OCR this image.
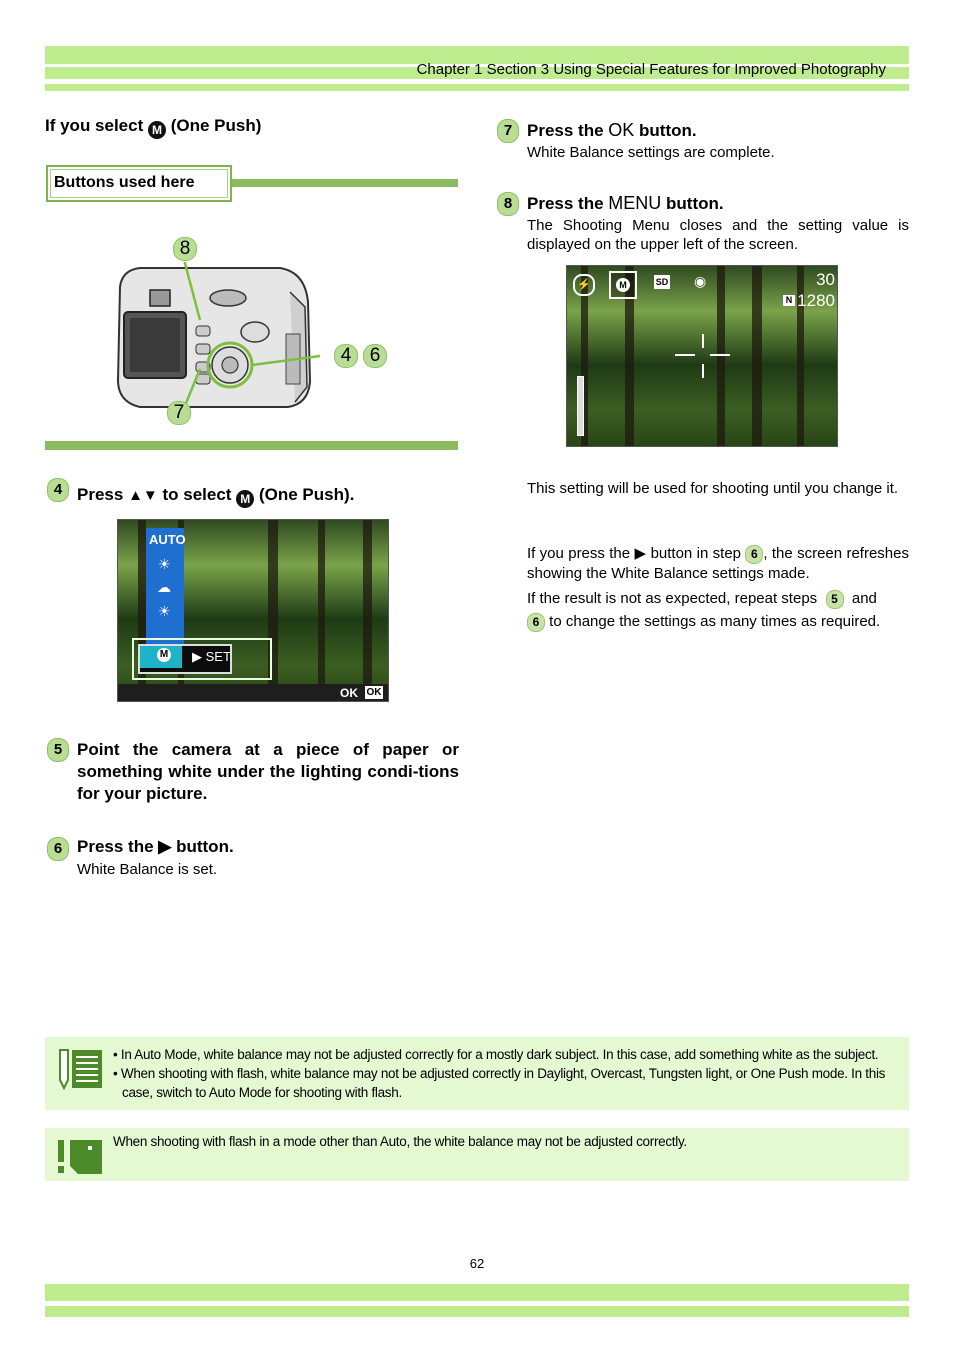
Chapter 1 Section 3 Using Special Features for Improved Photography
If you select M (One Push)
Buttons used here
8
4 6
7
4 Press ▲▼ to select M (One Push).
AUTO
☀
☁
☀
M ▶ SET
OK OK
5 Point the camera at a piece of paper or something white under the lighting condi-tions for your picture.
6 Press the ▶ button.
White Balance is set.
7 Press the OK button.
White Balance settings are complete.
8 Press the MENU button.
The Shooting Menu closes and the setting value is displayed on the upper left of the screen.
⚡	M	SD ◉	30
N 1280
This setting will be used for shooting until you change it.
If you press the ▶ button in step 6 , the screen refreshes showing the White Balance settings made.
If the result is not as expected, repeat steps 5 and
6 to change the settings as many times as required.
• In Auto Mode, white balance may not be adjusted correctly for a mostly dark subject. In this case, add something white as the subject.
• When shooting with flash, white balance may not be adjusted correctly in Daylight, Overcast, Tungsten light, or One Push mode. In this
case, switch to Auto Mode for shooting with flash.
When shooting with flash in a mode other than Auto, the white balance may not be adjusted correctly.
62
